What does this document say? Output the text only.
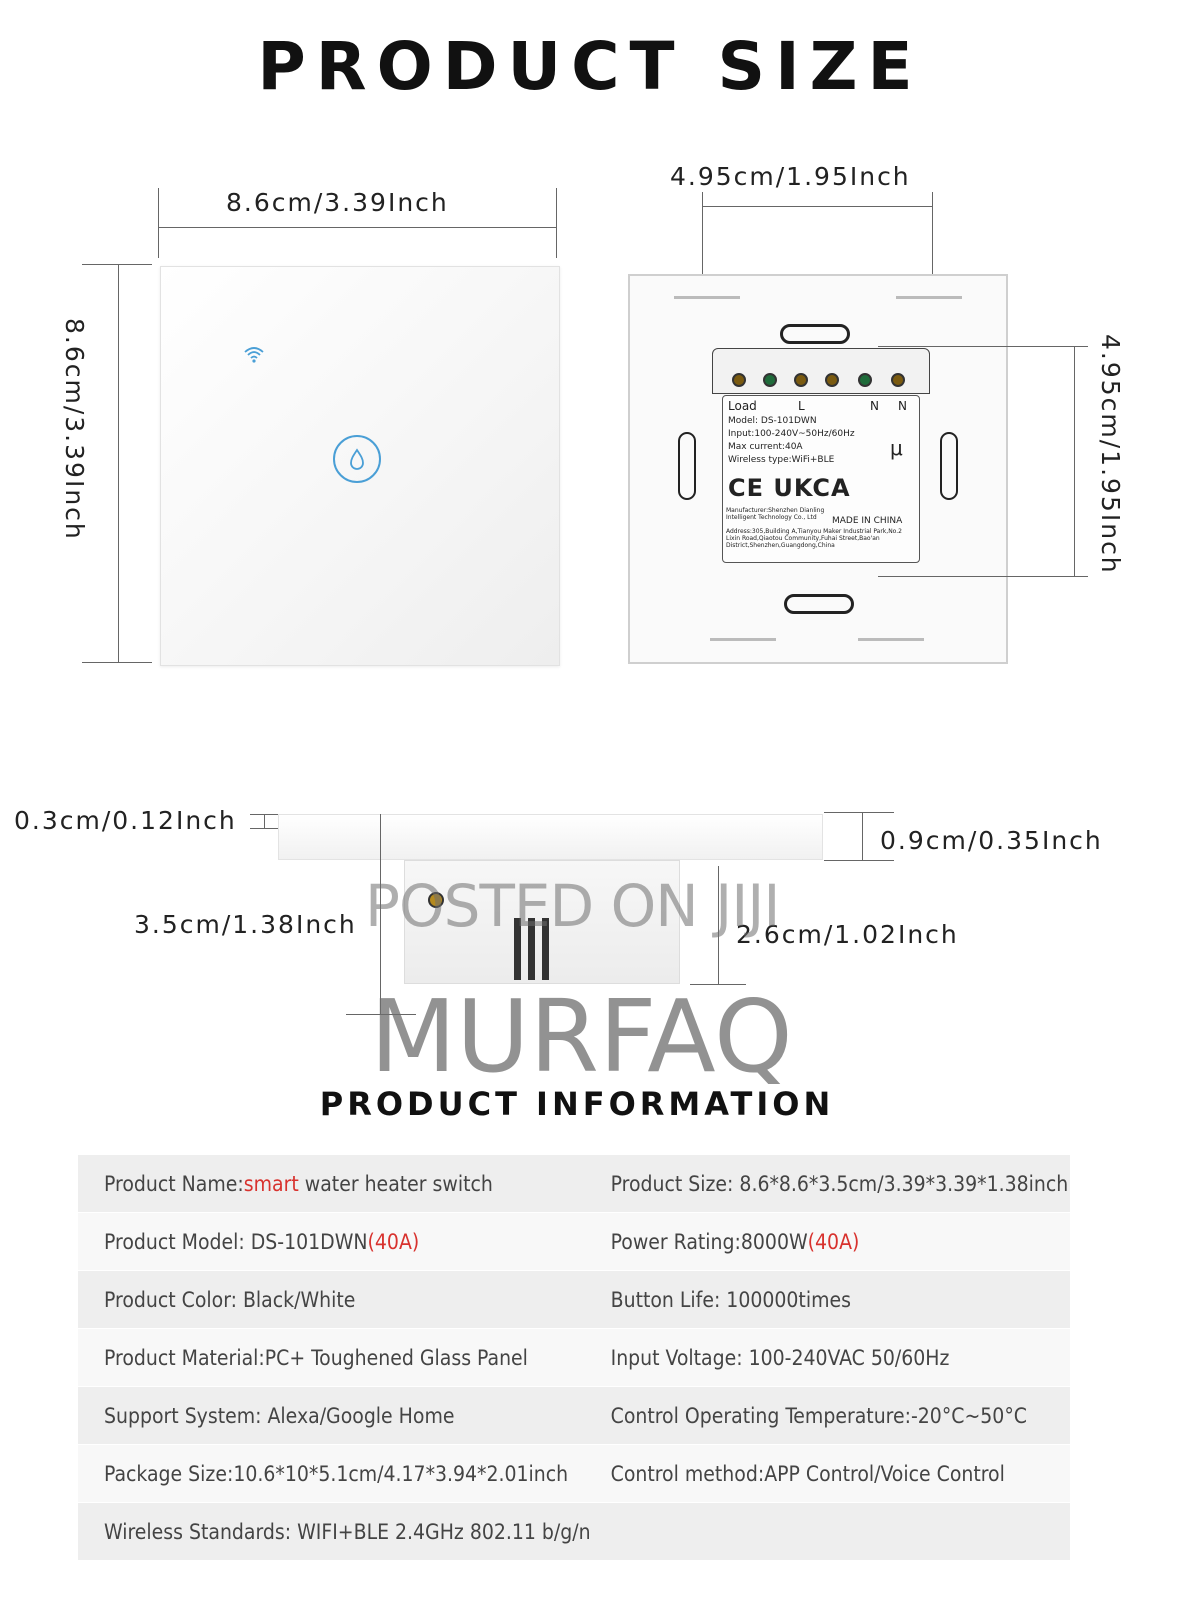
PRODUCT SIZE
8.6cm/3.39Inch
8.6cm/3.39Inch
4.95cm/1.95Inch
Load	L	N N
Model: DS-101DWN
Input:100-240V~50Hz/60Hz
Max current:40A
Wireless type:WiFi+BLE	μ
CE UKCA
MADE IN CHINA
Manufacturer:Shenzhen Dianling Intelligent Technology Co., Ltd
Address:305,Building A,Tianyou Maker Industrial Park,No.2 Lixin Road,Qiaotou Community,Fuhai Street,Bao'an District,Shenzhen,Guangdong,China	4.95cm/1.95Inch
0.3cm/0.12Inch
0.9cm/0.35Inch
3.5cm/1.38Inch	2.6cm/1.02Inch
POSTED ON JIJI
MURFAQ
PRODUCT INFORMATION
Product Name:smart water heater switch	Product Size: 8.6*8.6*3.5cm/3.39*3.39*1.38inch
Product Model: DS-101DWN(40A)	Power Rating:8000W(40A)
Product Color: Black/White	Button Life: 100000times
Product Material:PC+ Toughened Glass Panel	Input Voltage: 100-240VAC 50/60Hz
Support System: Alexa/Google Home	Control Operating Temperature:-20°C~50°C
Package Size:10.6*10*5.1cm/4.17*3.94*2.01inch	Control method:APP Control/Voice Control
Wireless Standards: WIFI+BLE 2.4GHz 802.11 b/g/n	
